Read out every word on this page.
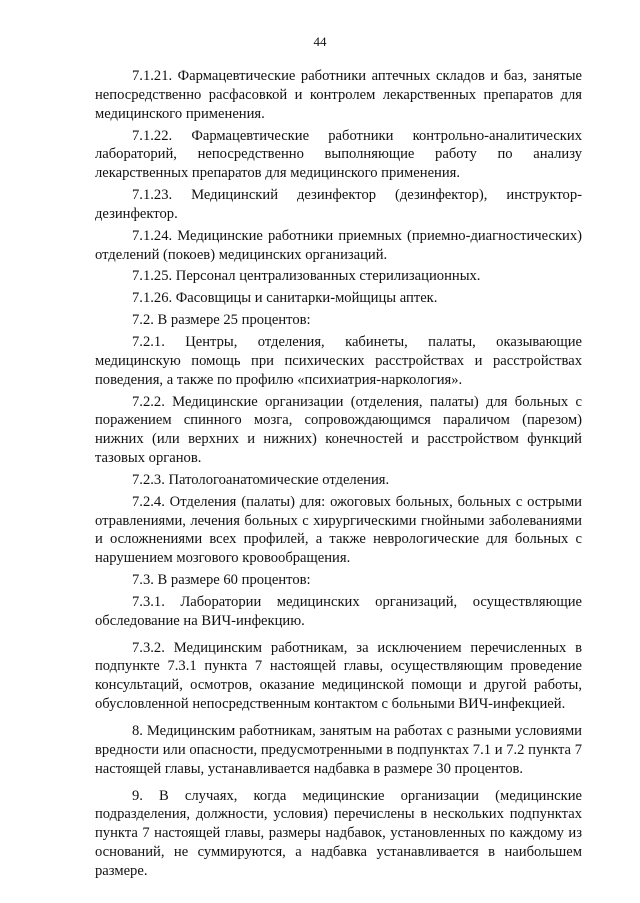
44

7.1.21. Фармацевтические работники аптечных складов и баз, занятые непосредственно расфасовкой и контролем лекарственных препаратов для медицинского применения.

7.1.22. Фармацевтические работники контрольно-аналитических лабораторий, непосредственно выполняющие работу по анализу лекарственных препаратов для медицинского применения.

7.1.23. Медицинский дезинфектор (дезинфектор), инструктор-дезинфектор.

7.1.24. Медицинские работники приемных (приемно-диагностических) отделений (покоев) медицинских организаций.

7.1.25. Персонал централизованных стерилизационных.

7.1.26. Фасовщицы и санитарки-мойщицы аптек.

7.2. В размере 25 процентов:

7.2.1. Центры, отделения, кабинеты, палаты, оказывающие медицинскую помощь при психических расстройствах и расстройствах поведения, а также по профилю «психиатрия-наркология».

7.2.2. Медицинские организации (отделения, палаты) для больных с поражением спинного мозга, сопровождающимся параличом (парезом) нижних (или верхних и нижних) конечностей и расстройством функций тазовых органов.

7.2.3. Патологоанатомические отделения.

7.2.4. Отделения (палаты) для: ожоговых больных, больных с острыми отравлениями, лечения больных с хирургическими гнойными заболеваниями и осложнениями всех профилей, а также неврологические для больных с нарушением мозгового кровообращения.

7.3. В размере 60 процентов:

7.3.1. Лаборатории медицинских организаций, осуществляющие обследование на ВИЧ-инфекцию.

7.3.2. Медицинским работникам, за исключением перечисленных в подпункте 7.3.1 пункта 7 настоящей главы, осуществляющим проведение консультаций, осмотров, оказание медицинской помощи и другой работы, обусловленной непосредственным контактом с больными ВИЧ-инфекцией.

8. Медицинским работникам, занятым на работах с разными условиями вредности или опасности, предусмотренными в подпунктах 7.1 и 7.2 пункта 7 настоящей главы, устанавливается надбавка в размере 30 процентов.

9. В случаях, когда медицинские организации (медицинские подразделения, должности, условия) перечислены в нескольких подпунктах пункта 7 настоящей главы, размеры надбавок, установленных по каждому из оснований, не суммируются, а надбавка устанавливается в наибольшем размере.
